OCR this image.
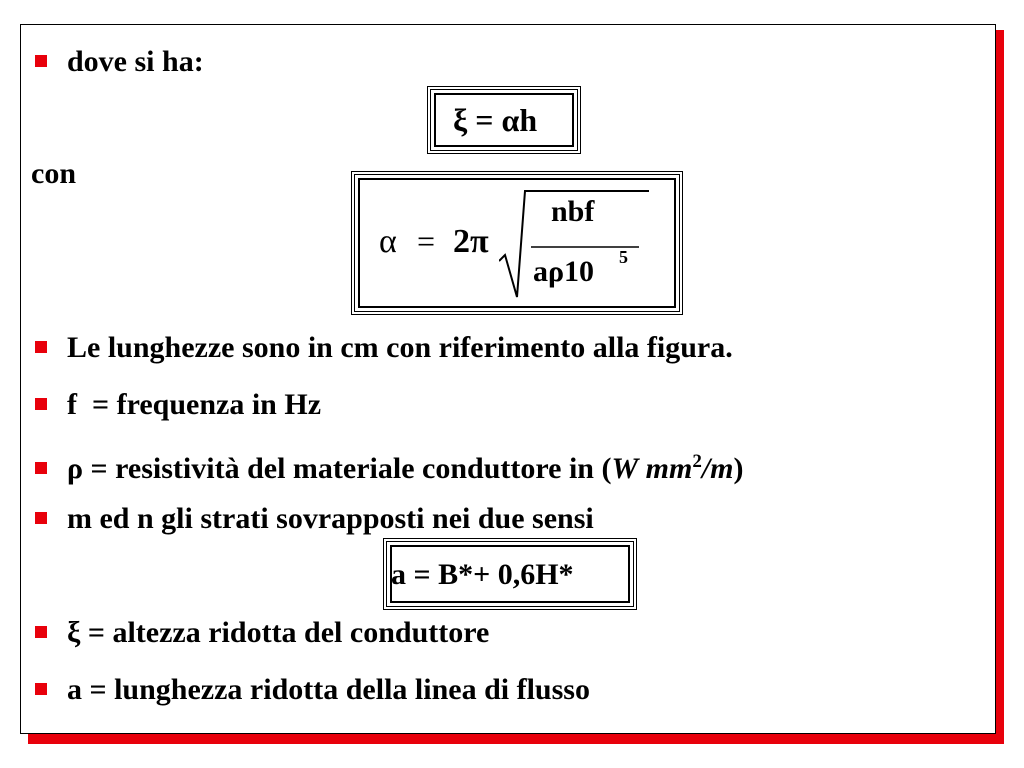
dove si ha:
ξ = αh
con
α = 2π
nbf
aρ10 5
Le lunghezze sono in cm con riferimento alla figura.
f  = frequenza in Hz
ρ = resistività del materiale conduttore in (W $mm^2/m$)
m ed n gli strati sovrapposti nei due sensi
a = B*+ 0,6H*
ξ = altezza ridotta del conduttore
a = lunghezza ridotta della linea di flusso
